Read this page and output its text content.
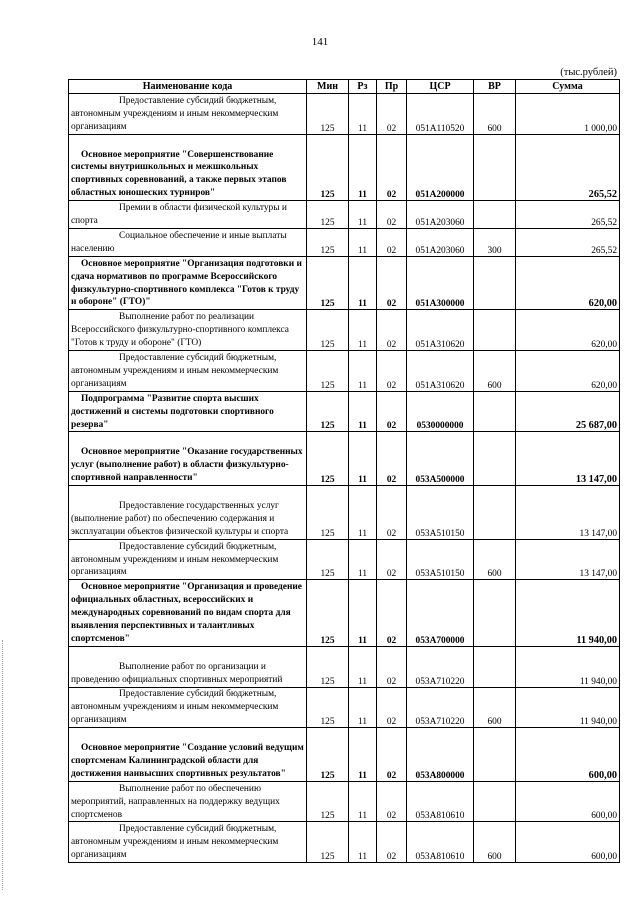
141
(тыс.рублей)
Наименование кода	Мин	Рз	Пр	ЦСР	ВР	Сумма
Предоставление субсидий бюджетным, автономным учреждениям и иным некоммерческим организациям	125	11	02	051A110520	600	1 000,00
Основное мероприятие "Совершенствование системы внутришкольных и межшкольных спортивных соревнований, а также первых этапов областных юношеских турниров"	125	11	02	051A200000		265,52
Премии в области физической культуры и спорта	125	11	02	051A203060		265,52
Социальное обеспечение и иные выплаты населению	125	11	02	051A203060	300	265,52
Основное мероприятие "Организация подготовки и сдача нормативов по программе Всероссийского физкультурно-спортивного комплекса "Готов к труду и обороне" (ГТО)"	125	11	02	051A300000		620,00
Выполнение работ по реализации Всероссийского физкультурно-спортивного комплекса "Готов к труду и обороне" (ГТО)	125	11	02	051A310620		620,00
Предоставление субсидий бюджетным, автономным учреждениям и иным некоммерческим организациям	125	11	02	051A310620	600	620,00
Подпрограмма "Развитие спорта высших достижений и системы подготовки спортивного резерва"	125	11	02	0530000000		25 687,00
Основное мероприятие "Оказание государственных услуг (выполнение работ) в области физкультурно-спортивной направленности"	125	11	02	053A500000		13 147,00
Предоставление государственных услуг (выполнение работ) по обеспечению содержания и эксплуатации объектов физической культуры и спорта	125	11	02	053A510150		13 147,00
Предоставление субсидий бюджетным, автономным учреждениям и иным некоммерческим организациям	125	11	02	053A510150	600	13 147,00
Основное мероприятие "Организация и проведение официальных областных, всероссийских и международных соревнований по видам спорта для выявления перспективных и талантливых спортсменов"	125	11	02	053A700000		11 940,00
Выполнение работ по организации и проведению официальных спортивных мероприятий	125	11	02	053A710220		11 940,00
Предоставление субсидий бюджетным, автономным учреждениям и иным некоммерческим организациям	125	11	02	053A710220	600	11 940,00
Основное мероприятие "Создание условий ведущим спортсменам Калининградской области для достижения наивысших спортивных результатов"	125	11	02	053A800000		600,00
Выполнение работ по обеспечению мероприятий, направленных на поддержку ведущих спортсменов	125	11	02	053A810610		600,00
Предоставление субсидий бюджетным, автономным учреждениям и иным некоммерческим организациям	125	11	02	053A810610	600	600,00
